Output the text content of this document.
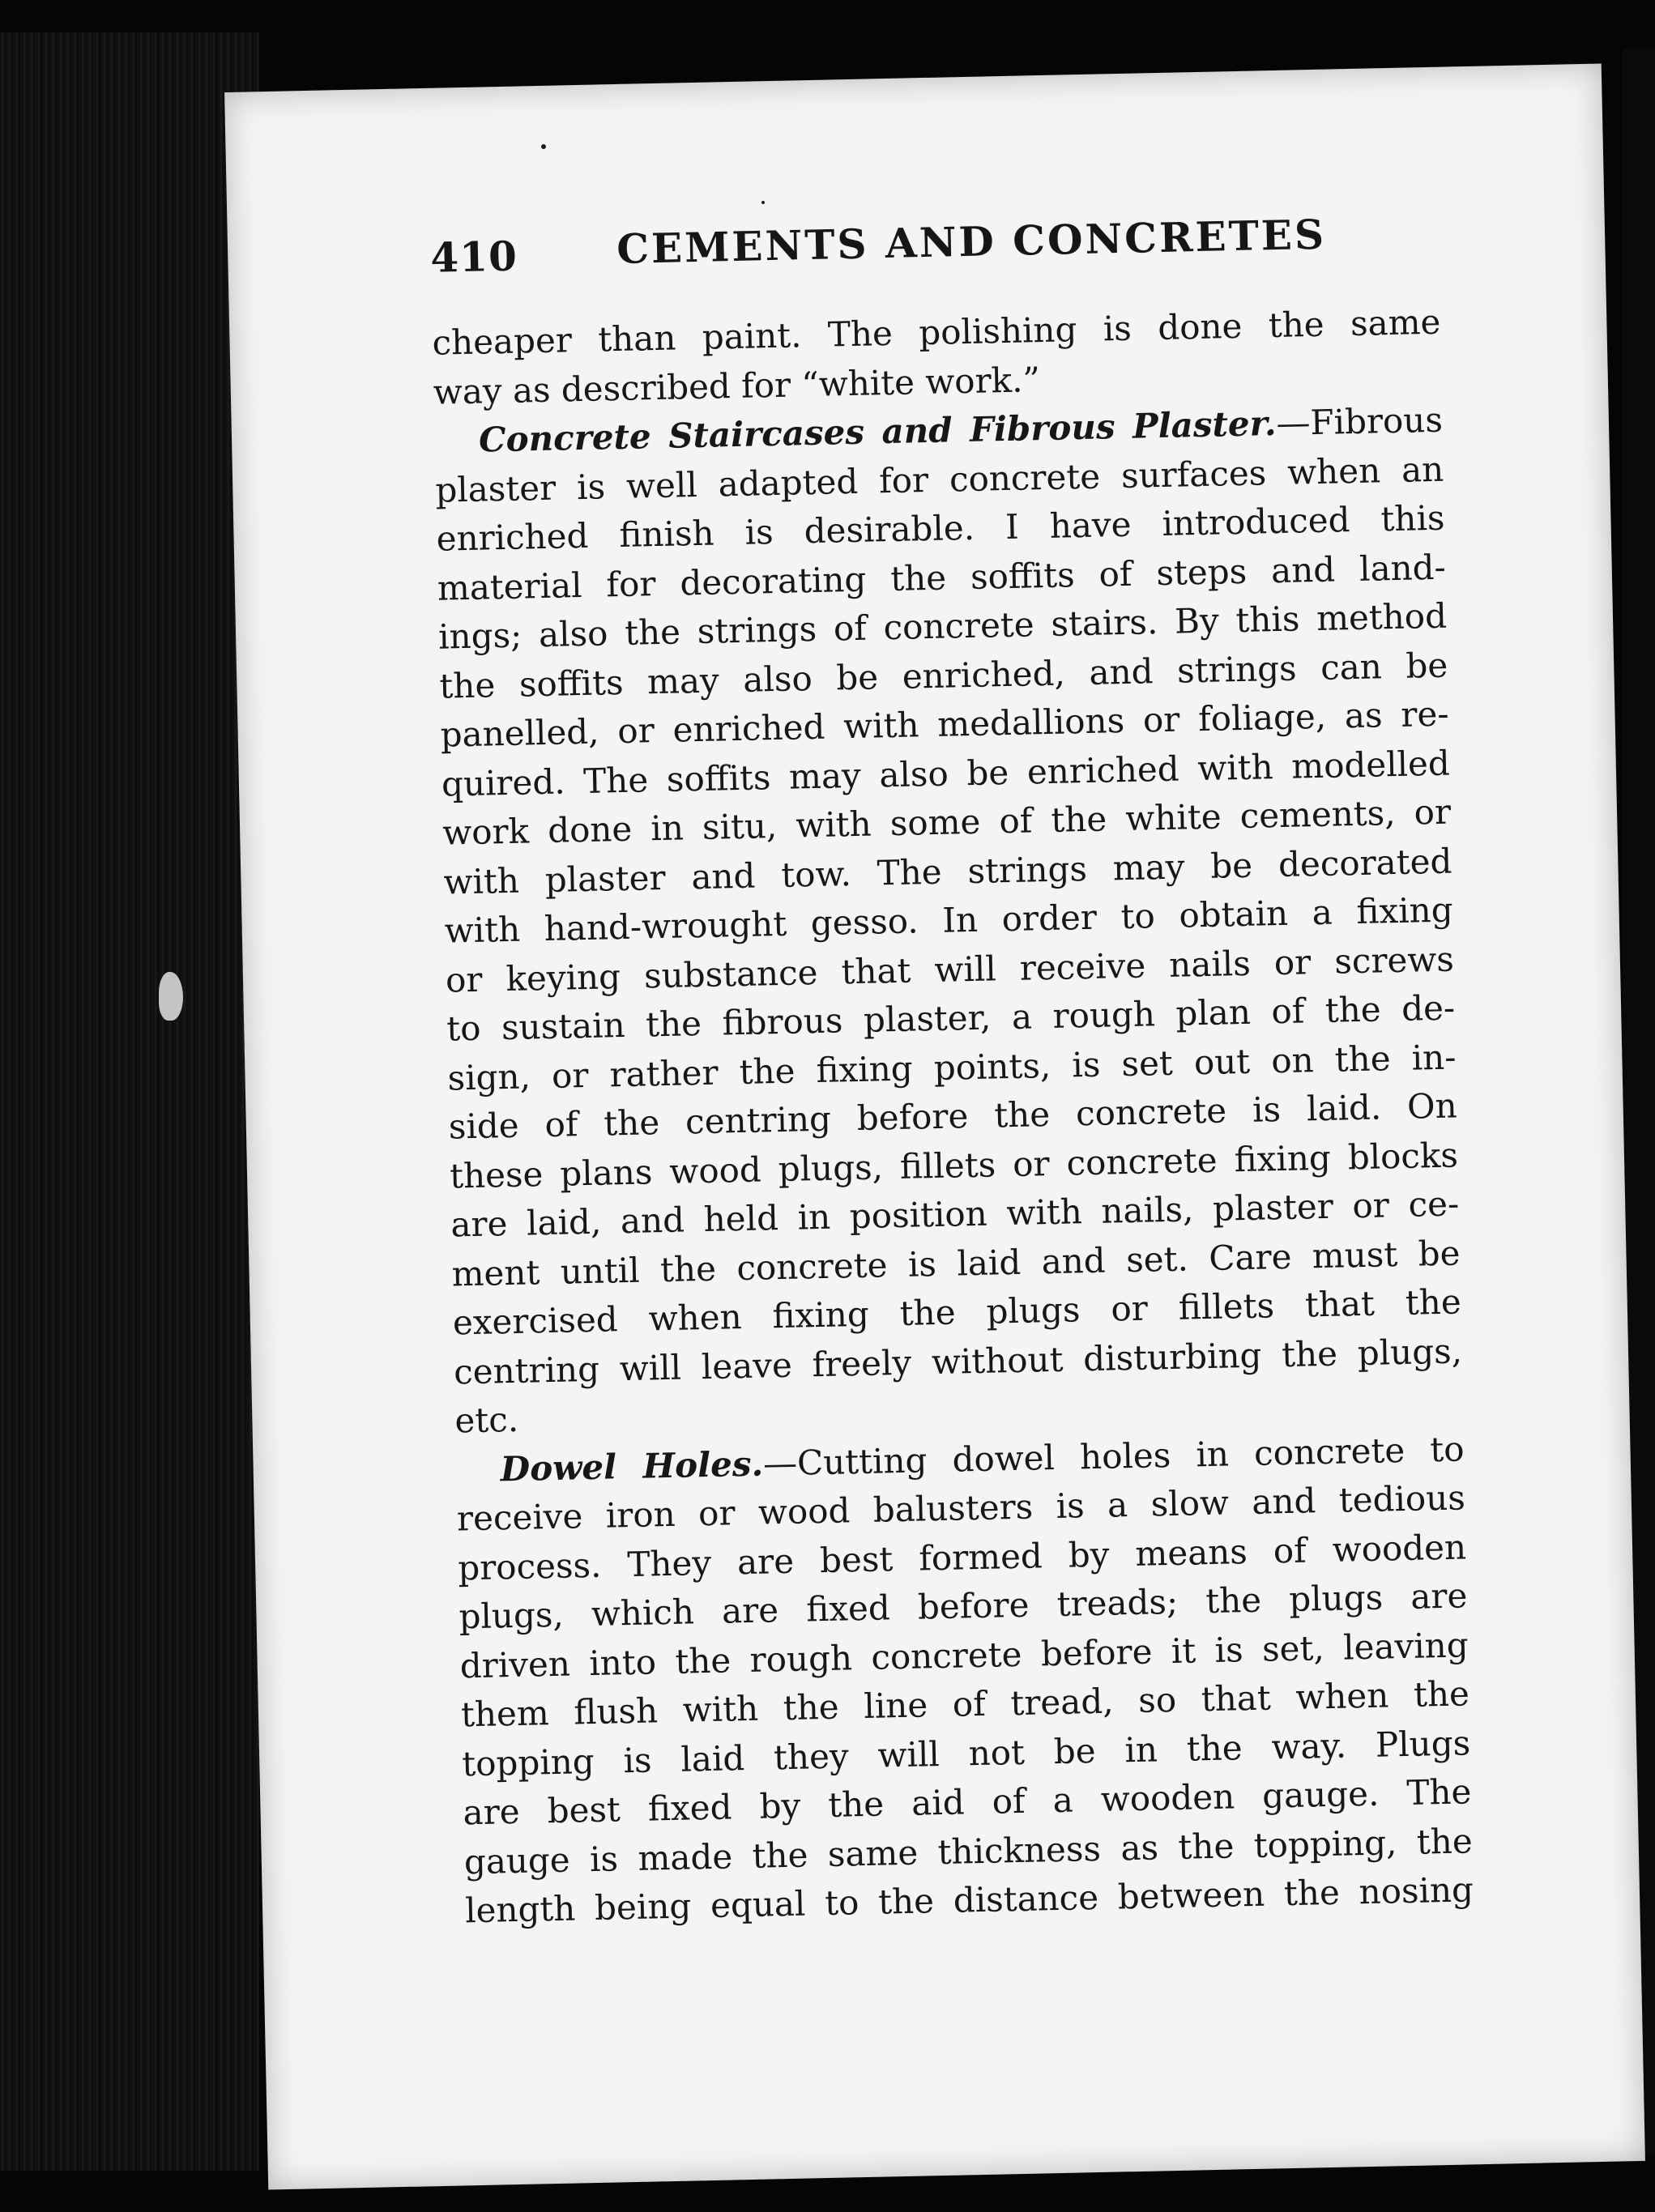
410 CEMENTS AND CONCRETES

cheaper than paint. The polishing is done the same
way as described for “white work.”

Concrete Staircases and Fibrous Plaster.—Fibrous
plaster is well adapted for concrete surfaces when an
enriched finish is desirable. I have introduced this
material for decorating the soffits of steps and land-
ings; also the strings of concrete stairs. By this method
the soffits may also be enriched, and strings can be
panelled, or enriched with medallions or foliage, as re-
quired. The soffits may also be enriched with modelled
work done in situ, with some of the white cements, or
with plaster and tow. The strings may be decorated
with hand-wrought gesso. In order to obtain a fixing
or keying substance that will receive nails or screws
to sustain the fibrous plaster, a rough plan of the de-
sign, or rather the fixing points, is set out on the in-
side of the centring before the concrete is laid. On
these plans wood plugs, fillets or concrete fixing blocks
are laid, and held in position with nails, plaster or ce-
ment until the concrete is laid and set. Care must be
exercised when fixing the plugs or fillets that the
centring will leave freely without disturbing the plugs,
etc.

Dowel Holes.—Cutting dowel holes in concrete to
receive iron or wood balusters is a slow and tedious
process. They are best formed by means of wooden
plugs, which are fixed before treads; the plugs are
driven into the rough concrete before it is set, leaving
them flush with the line of tread, so that when the
topping is laid they will not be in the way. Plugs
are best fixed by the aid of a wooden gauge. The
gauge is made the same thickness as the topping, the
length being equal to the distance between the nosing
